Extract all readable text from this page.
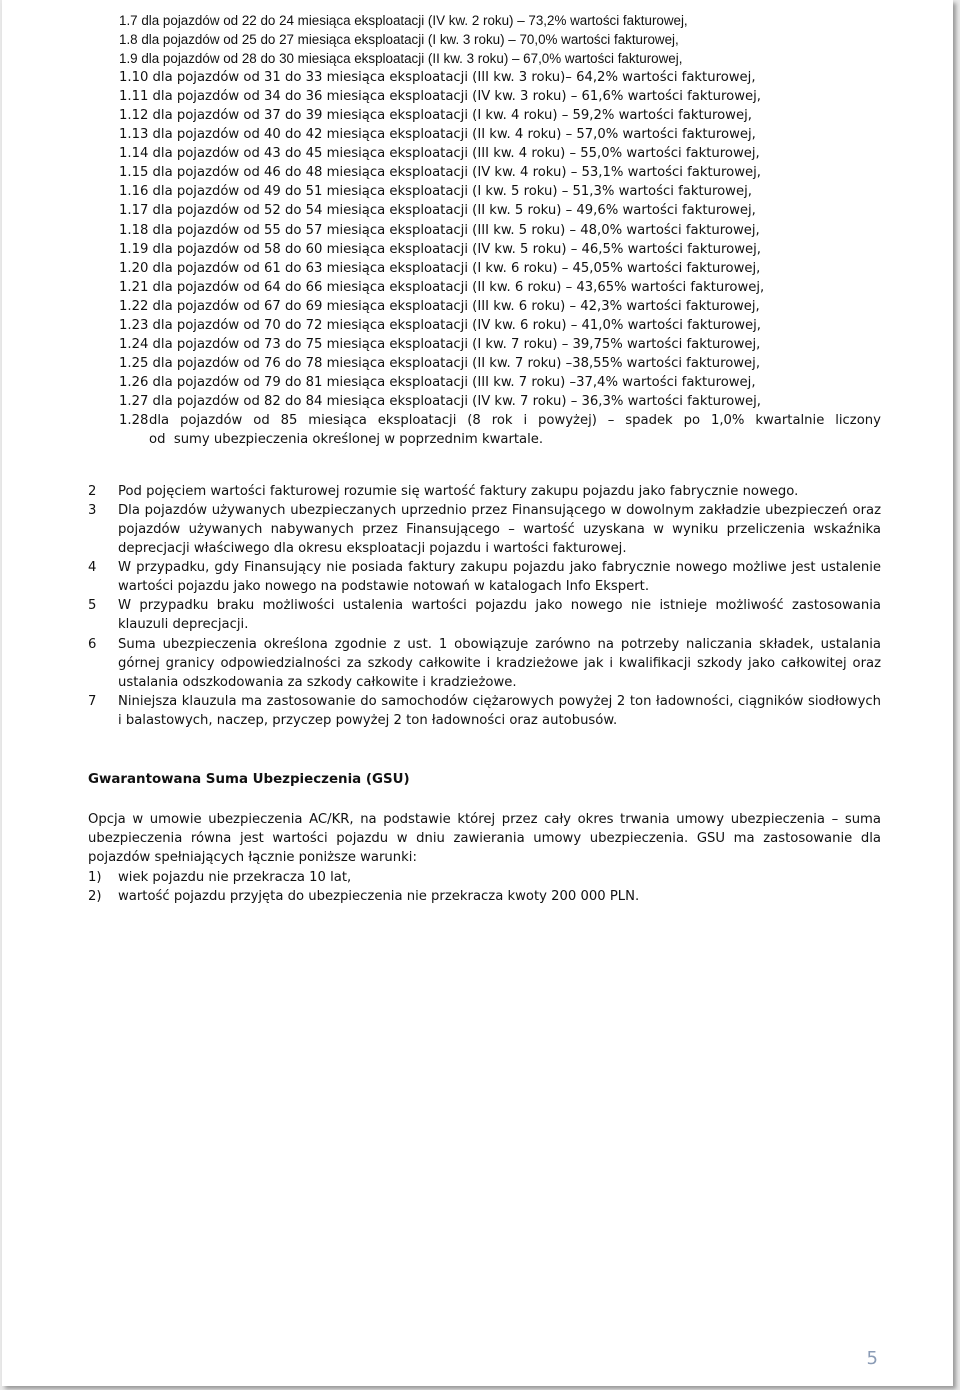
1.7 dla pojazdów od 22 do 24 miesiąca eksploatacji (IV kw. 2 roku) – 73,2% wartości fakturowej,
1.8 dla pojazdów od 25 do 27 miesiąca eksploatacji (I kw. 3 roku) – 70,0% wartości fakturowej,
1.9 dla pojazdów od 28 do 30 miesiąca eksploatacji (II kw. 3 roku) – 67,0% wartości fakturowej,
1.10 dla pojazdów od 31 do 33 miesiąca eksploatacji (III kw. 3 roku)– 64,2% wartości fakturowej,
1.11 dla pojazdów od 34 do 36 miesiąca eksploatacji (IV kw. 3 roku) – 61,6% wartości fakturowej,
1.12 dla pojazdów od 37 do 39 miesiąca eksploatacji (I kw. 4 roku) – 59,2% wartości fakturowej,
1.13 dla pojazdów od 40 do 42 miesiąca eksploatacji (II kw. 4 roku) – 57,0% wartości fakturowej,
1.14 dla pojazdów od 43 do 45 miesiąca eksploatacji (III kw. 4 roku) – 55,0% wartości fakturowej,
1.15 dla pojazdów od 46 do 48 miesiąca eksploatacji (IV kw. 4 roku) – 53,1% wartości fakturowej,
1.16 dla pojazdów od 49 do 51 miesiąca eksploatacji (I kw. 5 roku) – 51,3% wartości fakturowej,
1.17 dla pojazdów od 52 do 54 miesiąca eksploatacji (II kw. 5 roku) – 49,6% wartości fakturowej,
1.18 dla pojazdów od 55 do 57 miesiąca eksploatacji (III kw. 5 roku) – 48,0% wartości fakturowej,
1.19 dla pojazdów od 58 do 60 miesiąca eksploatacji (IV kw. 5 roku) – 46,5% wartości fakturowej,
1.20 dla pojazdów od 61 do 63 miesiąca eksploatacji (I kw. 6 roku) – 45,05% wartości fakturowej,
1.21 dla pojazdów od 64 do 66 miesiąca eksploatacji (II kw. 6 roku) – 43,65% wartości fakturowej,
1.22 dla pojazdów od 67 do 69 miesiąca eksploatacji (III kw. 6 roku) – 42,3% wartości fakturowej,
1.23 dla pojazdów od 70 do 72 miesiąca eksploatacji (IV kw. 6 roku) – 41,0% wartości fakturowej,
1.24 dla pojazdów od 73 do 75 miesiąca eksploatacji (I kw. 7 roku) – 39,75% wartości fakturowej,
1.25 dla pojazdów od 76 do 78 miesiąca eksploatacji (II kw. 7 roku) –38,55% wartości fakturowej,
1.26 dla pojazdów od 79 do 81 miesiąca eksploatacji (III kw. 7 roku) –37,4% wartości fakturowej,
1.27 dla pojazdów od 82 do 84 miesiąca eksploatacji (IV kw. 7 roku) – 36,3% wartości fakturowej,
1.28 dla pojazdów od 85 miesiąca eksploatacji (8 rok i powyżej) – spadek po 1,0% kwartalnie liczony
od  sumy ubezpieczenia określonej w poprzednim kwartale.
2	Pod pojęciem wartości fakturowej rozumie się wartość faktury zakupu pojazdu jako fabrycznie nowego.
3	Dla pojazdów używanych ubezpieczanych uprzednio przez Finansującego w dowolnym zakładzie ubezpieczeń oraz pojazdów używanych nabywanych przez Finansującego – wartość uzyskana w wyniku przeliczenia wskaźnika deprecjacji właściwego dla okresu eksploatacji pojazdu i wartości fakturowej.
4	W przypadku, gdy Finansujący nie posiada faktury zakupu pojazdu jako fabrycznie nowego możliwe jest ustalenie wartości pojazdu jako nowego na podstawie notowań w katalogach Info Ekspert.
5	W przypadku braku możliwości ustalenia wartości pojazdu jako nowego nie istnieje możliwość zastosowania klauzuli deprecjacji.
6	Suma ubezpieczenia określona zgodnie z ust. 1 obowiązuje zarówno na potrzeby naliczania składek, ustalania górnej granicy odpowiedzialności za szkody całkowite i kradzieżowe jak i kwalifikacji szkody jako całkowitej oraz ustalania odszkodowania za szkody całkowite i kradzieżowe.
7	Niniejsza klauzula ma zastosowanie do samochodów ciężarowych powyżej 2 ton ładowności, ciągników siodłowych i balastowych, naczep, przyczep powyżej 2 ton ładowności oraz autobusów.
Gwarantowana Suma Ubezpieczenia (GSU)
Opcja w umowie ubezpieczenia AC/KR, na podstawie której przez cały okres trwania umowy ubezpieczenia – suma ubezpieczenia równa jest wartości pojazdu w dniu zawierania umowy ubezpieczenia. GSU ma zastosowanie dla pojazdów spełniających łącznie poniższe warunki:
1) wiek pojazdu nie przekracza 10 lat,
2) wartość pojazdu przyjęta do ubezpieczenia nie przekracza kwoty 200 000 PLN.
5
